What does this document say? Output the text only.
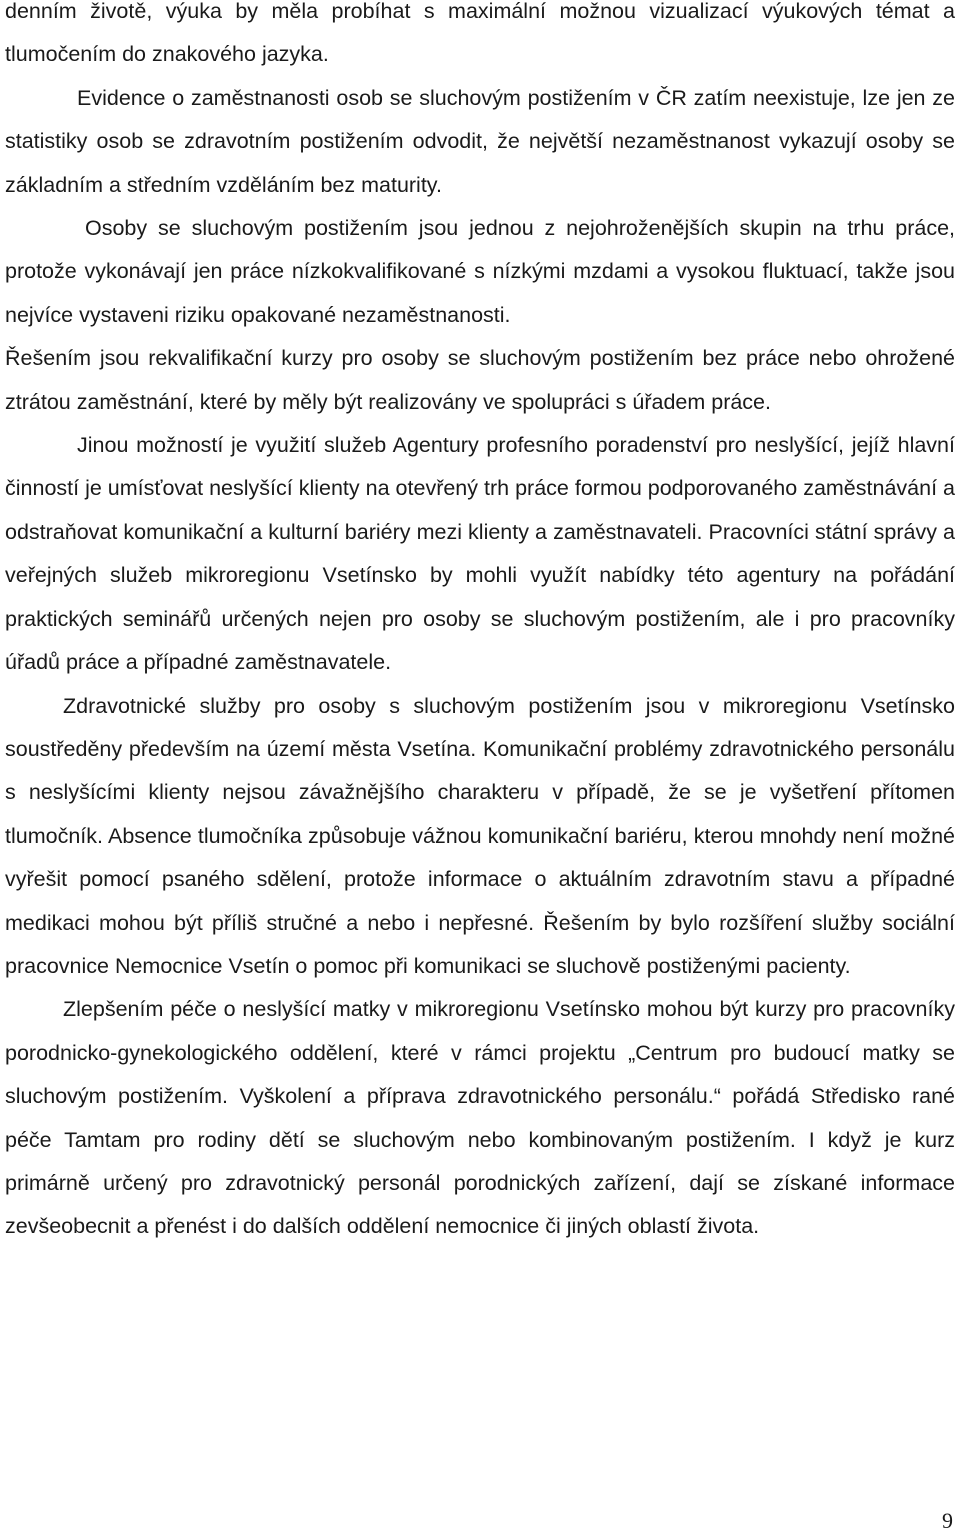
denním životě, výuka by měla probíhat s maximální možnou vizualizací výukových témat a tlumočením do znakového jazyka.

Evidence o zaměstnanosti osob se sluchovým postižením v ČR zatím neexistuje, lze jen ze statistiky osob se zdravotním postižením odvodit, že největší nezaměstnanost vykazují osoby se základním a středním vzděláním bez maturity.

Osoby se sluchovým postižením jsou jednou z nejohroženějších skupin na trhu práce, protože vykonávají jen práce nízkokvalifikované s nízkými mzdami a vysokou fluktuací, takže jsou nejvíce vystaveni riziku opakované nezaměstnanosti.

Řešením jsou rekvalifikační kurzy pro osoby se sluchovým postižením bez práce nebo ohrožené ztrátou zaměstnání, které by měly být realizovány ve spolupráci s úřadem práce.

Jinou možností je využití služeb Agentury profesního poradenství pro neslyšící, jejíž hlavní činností je umísťovat neslyšící klienty na otevřený trh práce formou podporovaného zaměstnávání a odstraňovat komunikační a kulturní bariéry mezi klienty a zaměstnavateli. Pracovníci státní správy a veřejných služeb mikroregionu Vsetínsko by mohli využít nabídky této agentury na pořádání praktických seminářů určených nejen pro osoby se sluchovým postižením, ale i pro pracovníky úřadů práce a případné zaměstnavatele.

Zdravotnické služby pro osoby s sluchovým postižením jsou v mikroregionu Vsetínsko soustředěny především na území města Vsetína. Komunikační problémy zdravotnického personálu s neslyšícími klienty nejsou závažnějšího charakteru v případě, že se je vyšetření přítomen tlumočník. Absence tlumočníka způsobuje vážnou komunikační bariéru, kterou mnohdy není možné vyřešit pomocí psaného sdělení, protože informace o aktuálním zdravotním stavu a případné medikaci mohou být příliš stručné a nebo i nepřesné. Řešením by bylo rozšíření služby sociální pracovnice Nemocnice Vsetín o pomoc při komunikaci se sluchově postiženými pacienty.

Zlepšením péče o neslyšící matky v mikroregionu Vsetínsko mohou být kurzy pro pracovníky porodnicko-gynekologického oddělení, které v rámci projektu „Centrum pro budoucí matky se sluchovým postižením. Vyškolení a příprava zdravotnického personálu.“ pořádá Středisko rané péče Tamtam pro rodiny dětí se sluchovým nebo kombinovaným postižením. I když je kurz primárně určený pro zdravotnický personál porodnických zařízení, dají se získané informace zevšeobecnit a přenést i do dalších oddělení nemocnice či jiných oblastí života.

9
